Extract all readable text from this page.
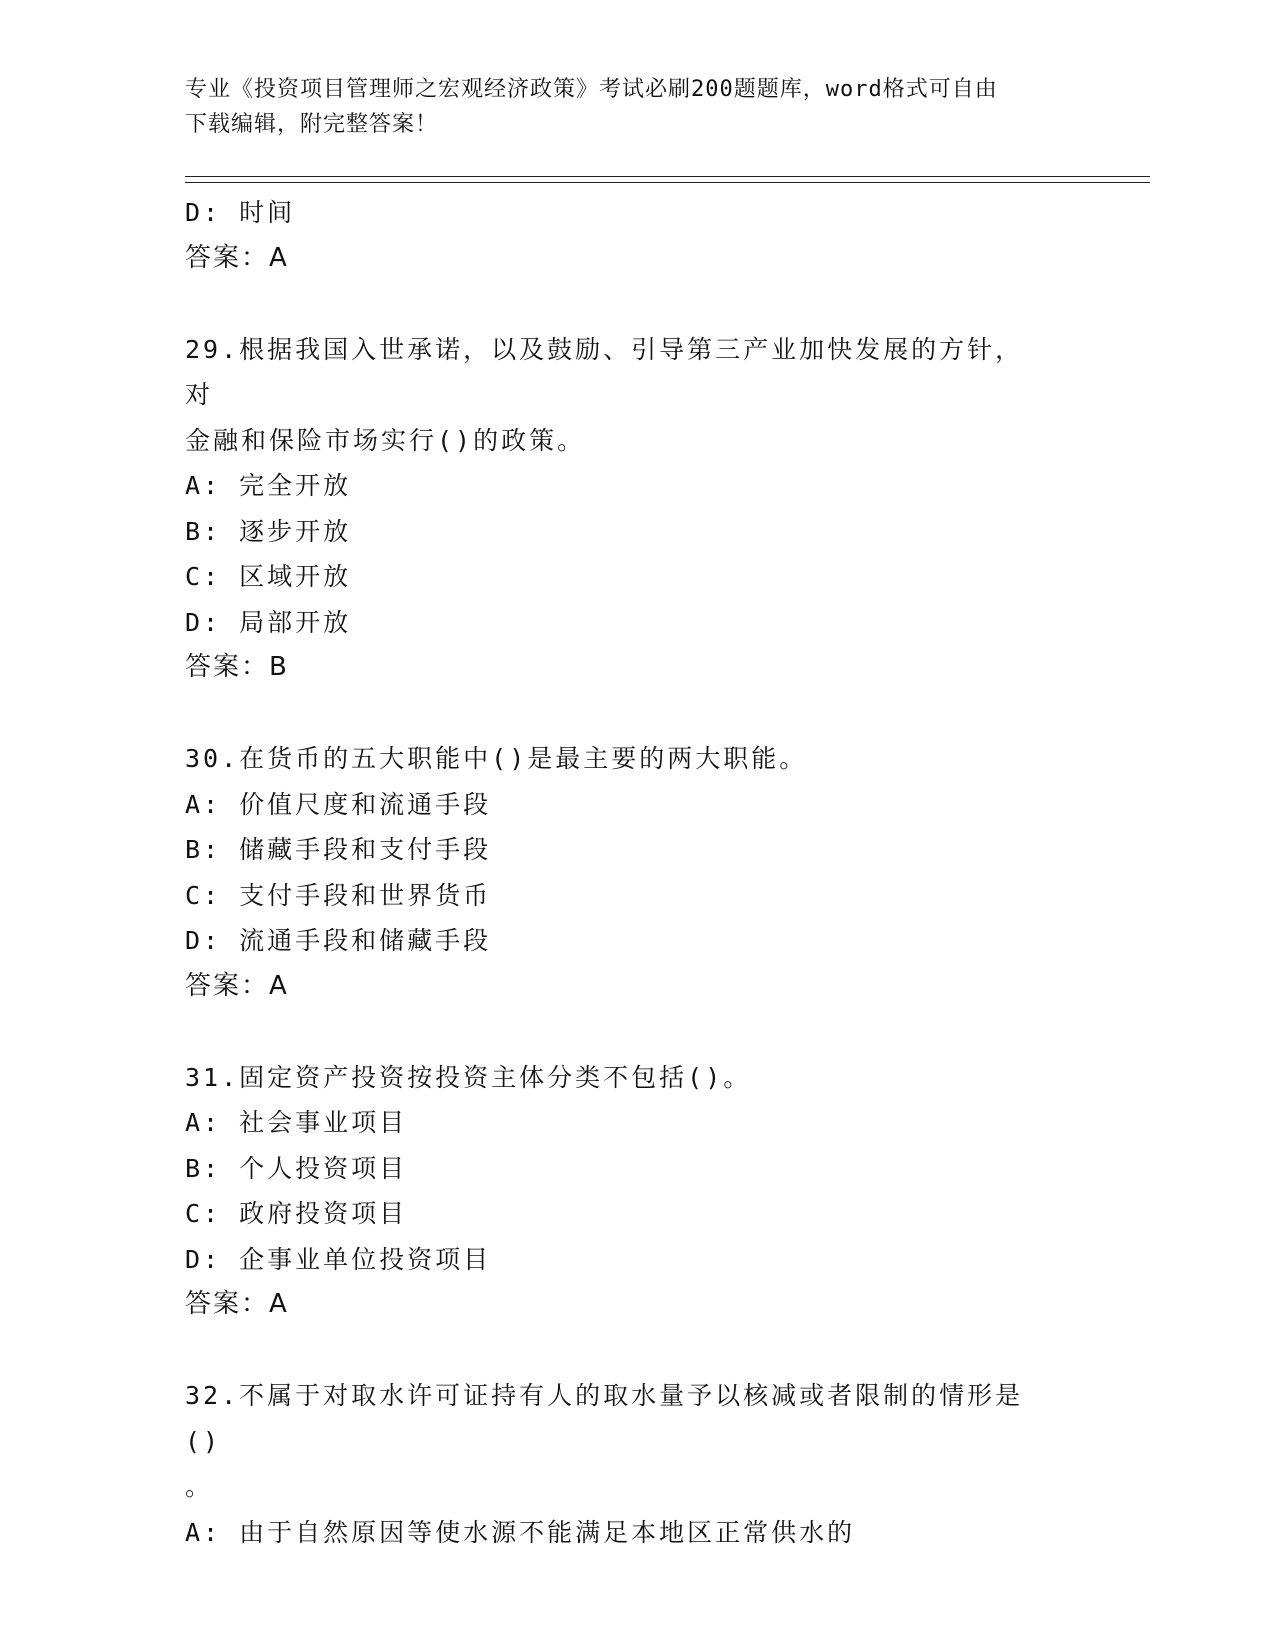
专业《投资项目管理师之宏观经济政策》考试必刷200题题库，word格式可自由
下载编辑，附完整答案！
D: 时间
答案：A
29.根据我国入世承诺，以及鼓励、引导第三产业加快发展的方针，对
金融和保险市场实行()的政策。
A: 完全开放
B: 逐步开放
C: 区域开放
D: 局部开放
答案：B
30.在货币的五大职能中()是最主要的两大职能。
A: 价值尺度和流通手段
B: 储藏手段和支付手段
C: 支付手段和世界货币
D: 流通手段和储藏手段
答案：A
31.固定资产投资按投资主体分类不包括()。
A: 社会事业项目
B: 个人投资项目
C: 政府投资项目
D: 企事业单位投资项目
答案：A
32.不属于对取水许可证持有人的取水量予以核减或者限制的情形是()
。
A: 由于自然原因等使水源不能满足本地区正常供水的
